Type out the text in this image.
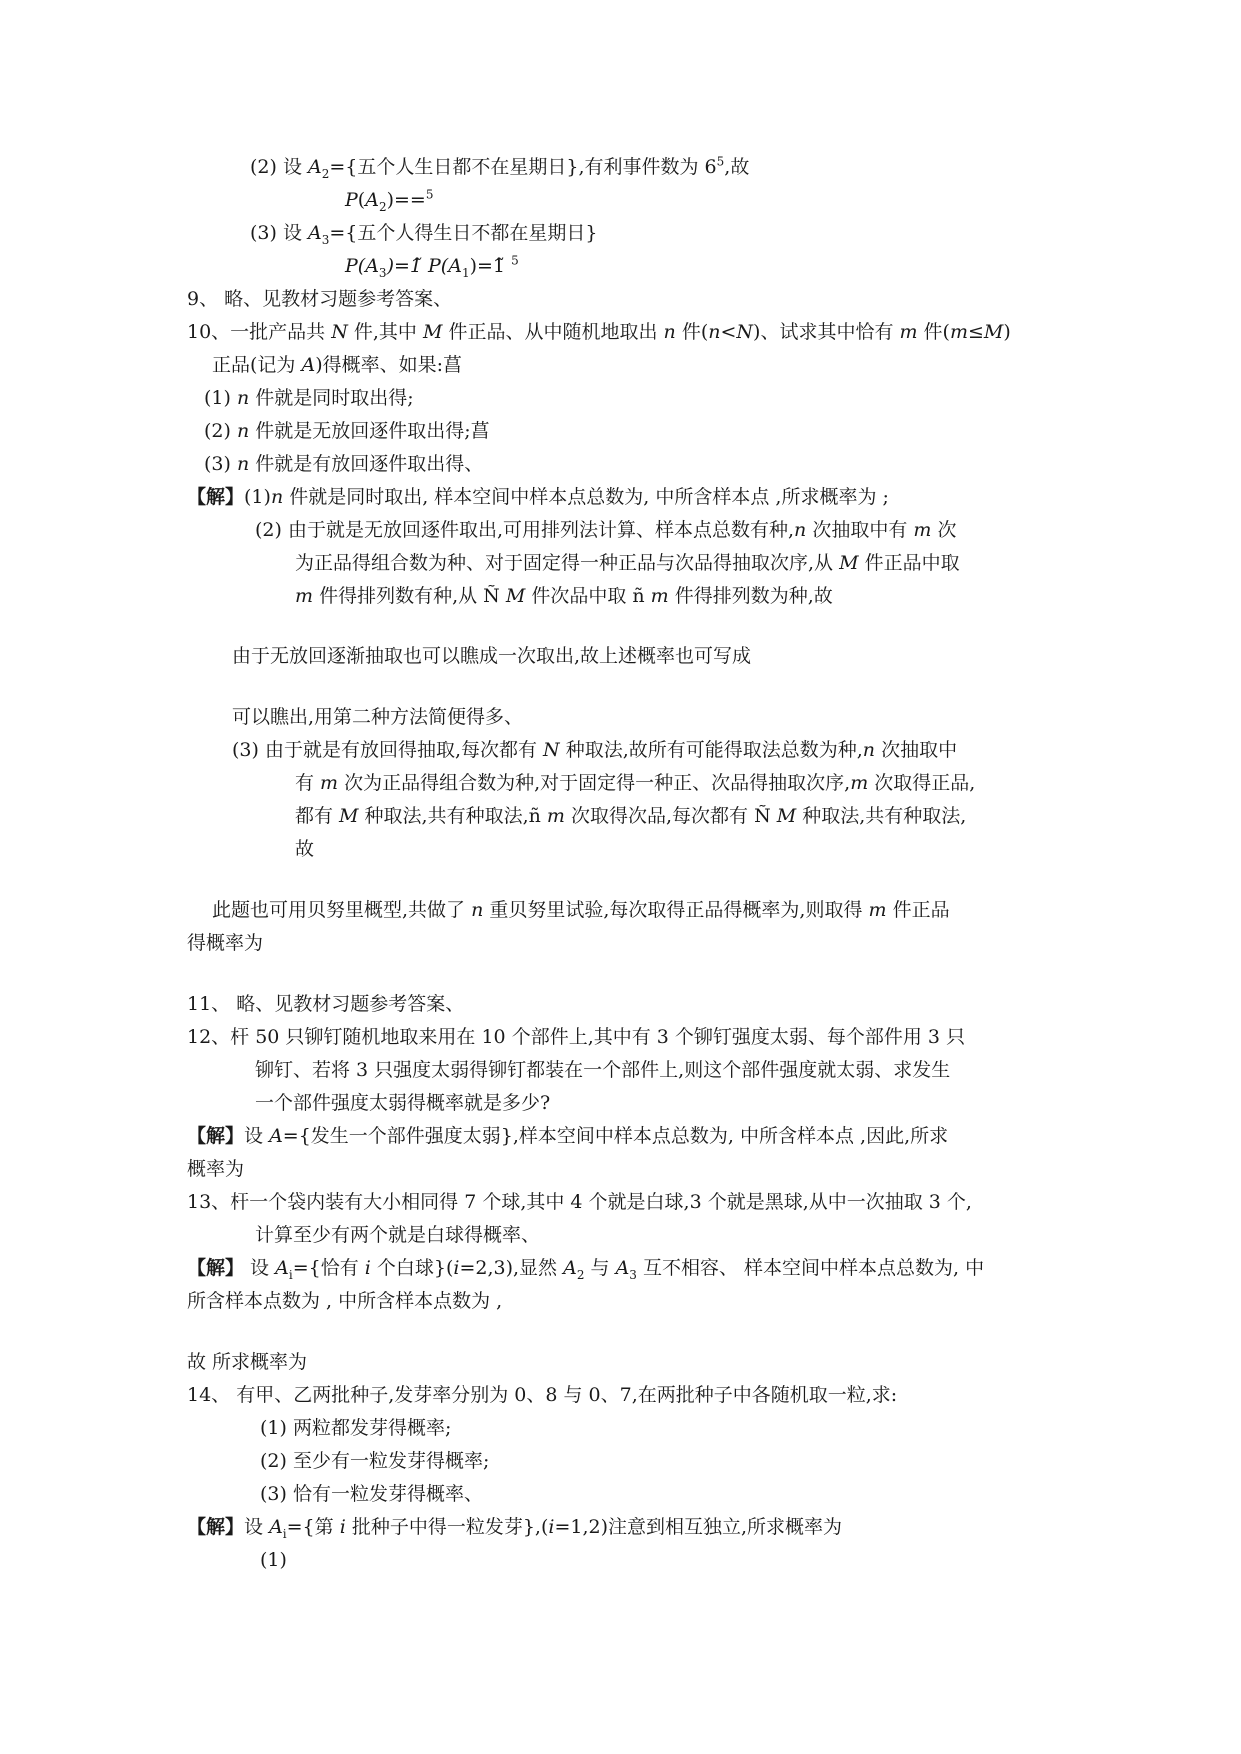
(2) 设 $A_2=${五个人生日都不在星期日},有利事件数为 $6^5$,故
$P(A_2)==^5$
(3) 设 $A_3=${五个人得生日不都在星期日}
$P(A_3)=1̃$ $P(A_1)=1̃$ $^5$
9、 略、见教材习题参考答案、
10、一批产品共 N 件,其中 M 件正品、从中随机地取出 n 件(n<N)、试求其中恰有 m 件(m≤M)
正品(记为 A)得概率、如果:菖
(1) n 件就是同时取出得;
(2) n 件就是无放回逐件取出得;菖
(3) n 件就是有放回逐件取出得、
【解】(1)n 件就是同时取出, 样本空间中样本点总数为, 中所含样本点 ,所求概率为 ;
(2) 由于就是无放回逐件取出,可用排列法计算、样本点总数有种,n 次抽取中有 m 次
为正品得组合数为种、对于固定得一种正品与次品得抽取次序,从 M 件正品中取
m 件得排列数有种,从 Ñ M 件次品中取 ñ m 件得排列数为种,故
由于无放回逐渐抽取也可以瞧成一次取出,故上述概率也可写成
可以瞧出,用第二种方法简便得多、
(3) 由于就是有放回得抽取,每次都有 N 种取法,故所有可能得取法总数为种,n 次抽取中
有 m 次为正品得组合数为种,对于固定得一种正、次品得抽取次序,m 次取得正品,
都有 M 种取法,共有种取法,ñ m 次取得次品,每次都有 Ñ M 种取法,共有种取法,
故
此题也可用贝努里概型,共做了 n 重贝努里试验,每次取得正品得概率为,则取得 m 件正品
得概率为
11、 略、见教材习题参考答案、
12、杆 50 只铆钉随机地取来用在 10 个部件上,其中有 3 个铆钉强度太弱、每个部件用 3 只
铆钉、若将 3 只强度太弱得铆钉都装在一个部件上,则这个部件强度就太弱、求发生
一个部件强度太弱得概率就是多少?
【解】设 A={发生一个部件强度太弱},样本空间中样本点总数为, 中所含样本点 ,因此,所求
概率为
13、杆一个袋内装有大小相同得 7 个球,其中 4 个就是白球,3 个就是黑球,从中一次抽取 3 个,
计算至少有两个就是白球得概率、
【解】 设 $A_i=${恰有 i 个白球}(i=2,3),显然 $A_2$ 与 $A_3$ 互不相容、 样本空间中样本点总数为, 中
所含样本点数为 , 中所含样本点数为 ,
故 所求概率为
14、 有甲、乙两批种子,发芽率分别为 0、8 与 0、7,在两批种子中各随机取一粒,求:
(1) 两粒都发芽得概率;
(2) 至少有一粒发芽得概率;
(3) 恰有一粒发芽得概率、
【解】设 $A_i=${第 i 批种子中得一粒发芽},(i=1,2)注意到相互独立,所求概率为
(1)
